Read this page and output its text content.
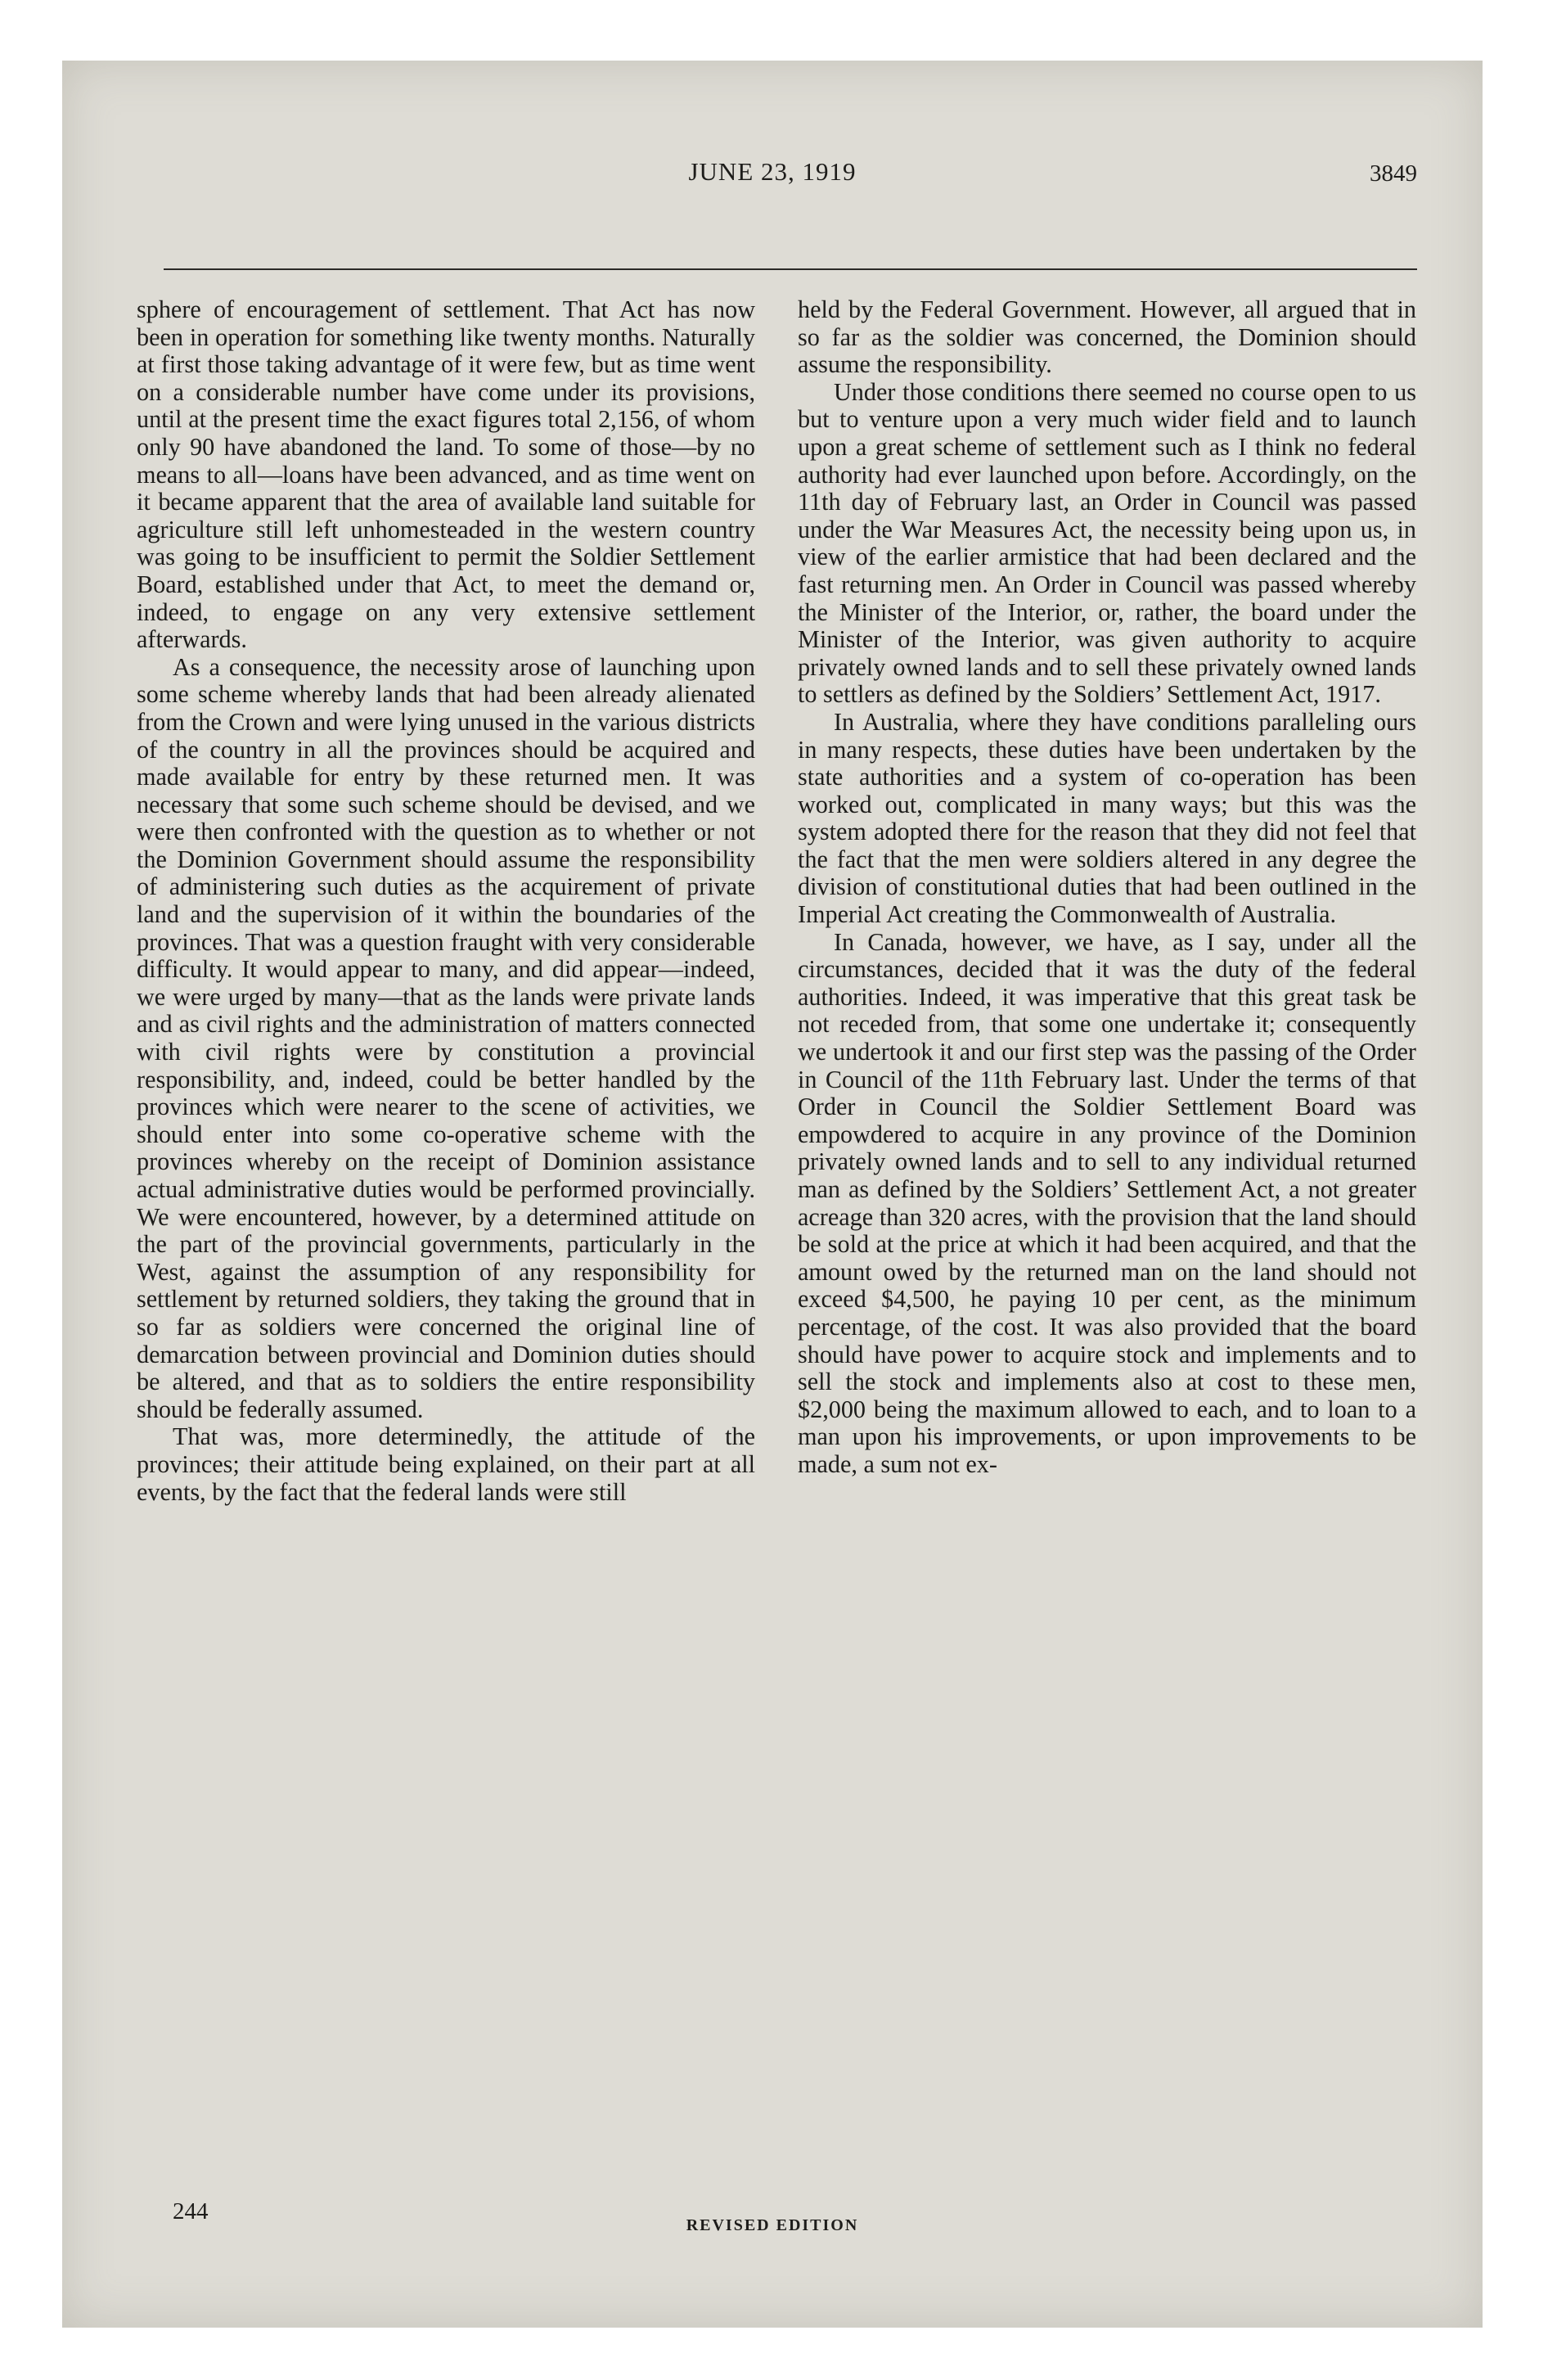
JUNE 23, 1919	3849

sphere of encouragement of settlement. That Act has now been in operation for something like twenty months. Naturally at first those taking advantage of it were few, but as time went on a considerable number have come under its provisions, until at the present time the exact figures total 2,156, of whom only 90 have abandoned the land. To some of those—by no means to all—loans have been advanced, and as time went on it became apparent that the area of available land suitable for agriculture still left unhomesteaded in the western country was going to be insufficient to permit the Soldier Settlement Board, established under that Act, to meet the demand or, indeed, to engage on any very extensive settlement afterwards.

As a consequence, the necessity arose of launching upon some scheme whereby lands that had been already alienated from the Crown and were lying unused in the various districts of the country in all the provinces should be acquired and made available for entry by these returned men. It was necessary that some such scheme should be devised, and we were then confronted with the question as to whether or not the Dominion Government should assume the responsibility of administering such duties as the acquirement of private land and the supervision of it within the boundaries of the provinces. That was a question fraught with very considerable difficulty. It would appear to many, and did appear—indeed, we were urged by many—that as the lands were private lands and as civil rights and the administration of matters connected with civil rights were by constitution a provincial responsibility, and, indeed, could be better handled by the provinces which were nearer to the scene of activities, we should enter into some co-operative scheme with the provinces whereby on the receipt of Dominion assistance actual administrative duties would be performed provincially. We were encountered, however, by a determined attitude on the part of the provincial governments, particularly in the West, against the assumption of any responsibility for settlement by returned soldiers, they taking the ground that in so far as soldiers were concerned the original line of demarcation between provincial and Dominion duties should be altered, and that as to soldiers the entire responsibility should be federally assumed.

That was, more determinedly, the attitude of the provinces; their attitude being explained, on their part at all events, by the fact that the federal lands were still

held by the Federal Government. However, all argued that in so far as the soldier was concerned, the Dominion should assume the responsibility.

Under those conditions there seemed no course open to us but to venture upon a very much wider field and to launch upon a great scheme of settlement such as I think no federal authority had ever launched upon before. Accordingly, on the 11th day of February last, an Order in Council was passed under the War Measures Act, the necessity being upon us, in view of the earlier armistice that had been declared and the fast returning men. An Order in Council was passed whereby the Minister of the Interior, or, rather, the board under the Minister of the Interior, was given authority to acquire privately owned lands and to sell these privately owned lands to settlers as defined by the Soldiers’ Settlement Act, 1917.

In Australia, where they have conditions paralleling ours in many respects, these duties have been undertaken by the state authorities and a system of co-operation has been worked out, complicated in many ways; but this was the system adopted there for the reason that they did not feel that the fact that the men were soldiers altered in any degree the division of constitutional duties that had been outlined in the Imperial Act creating the Commonwealth of Australia.

In Canada, however, we have, as I say, under all the circumstances, decided that it was the duty of the federal authorities. Indeed, it was imperative that this great task be not receded from, that some one undertake it; consequently we undertook it and our first step was the passing of the Order in Council of the 11th February last. Under the terms of that Order in Council the Soldier Settlement Board was empowdered to acquire in any province of the Dominion privately owned lands and to sell to any individual returned man as defined by the Soldiers’ Settlement Act, a not greater acreage than 320 acres, with the provision that the land should be sold at the price at which it had been acquired, and that the amount owed by the returned man on the land should not exceed $4,500, he paying 10 per cent, as the minimum percentage, of the cost. It was also provided that the board should have power to acquire stock and implements and to sell the stock and implements also at cost to these men, $2,000 being the maximum allowed to each, and to loan to a man upon his improvements, or upon improvements to be made, a sum not ex-

244
REVISED EDITION
